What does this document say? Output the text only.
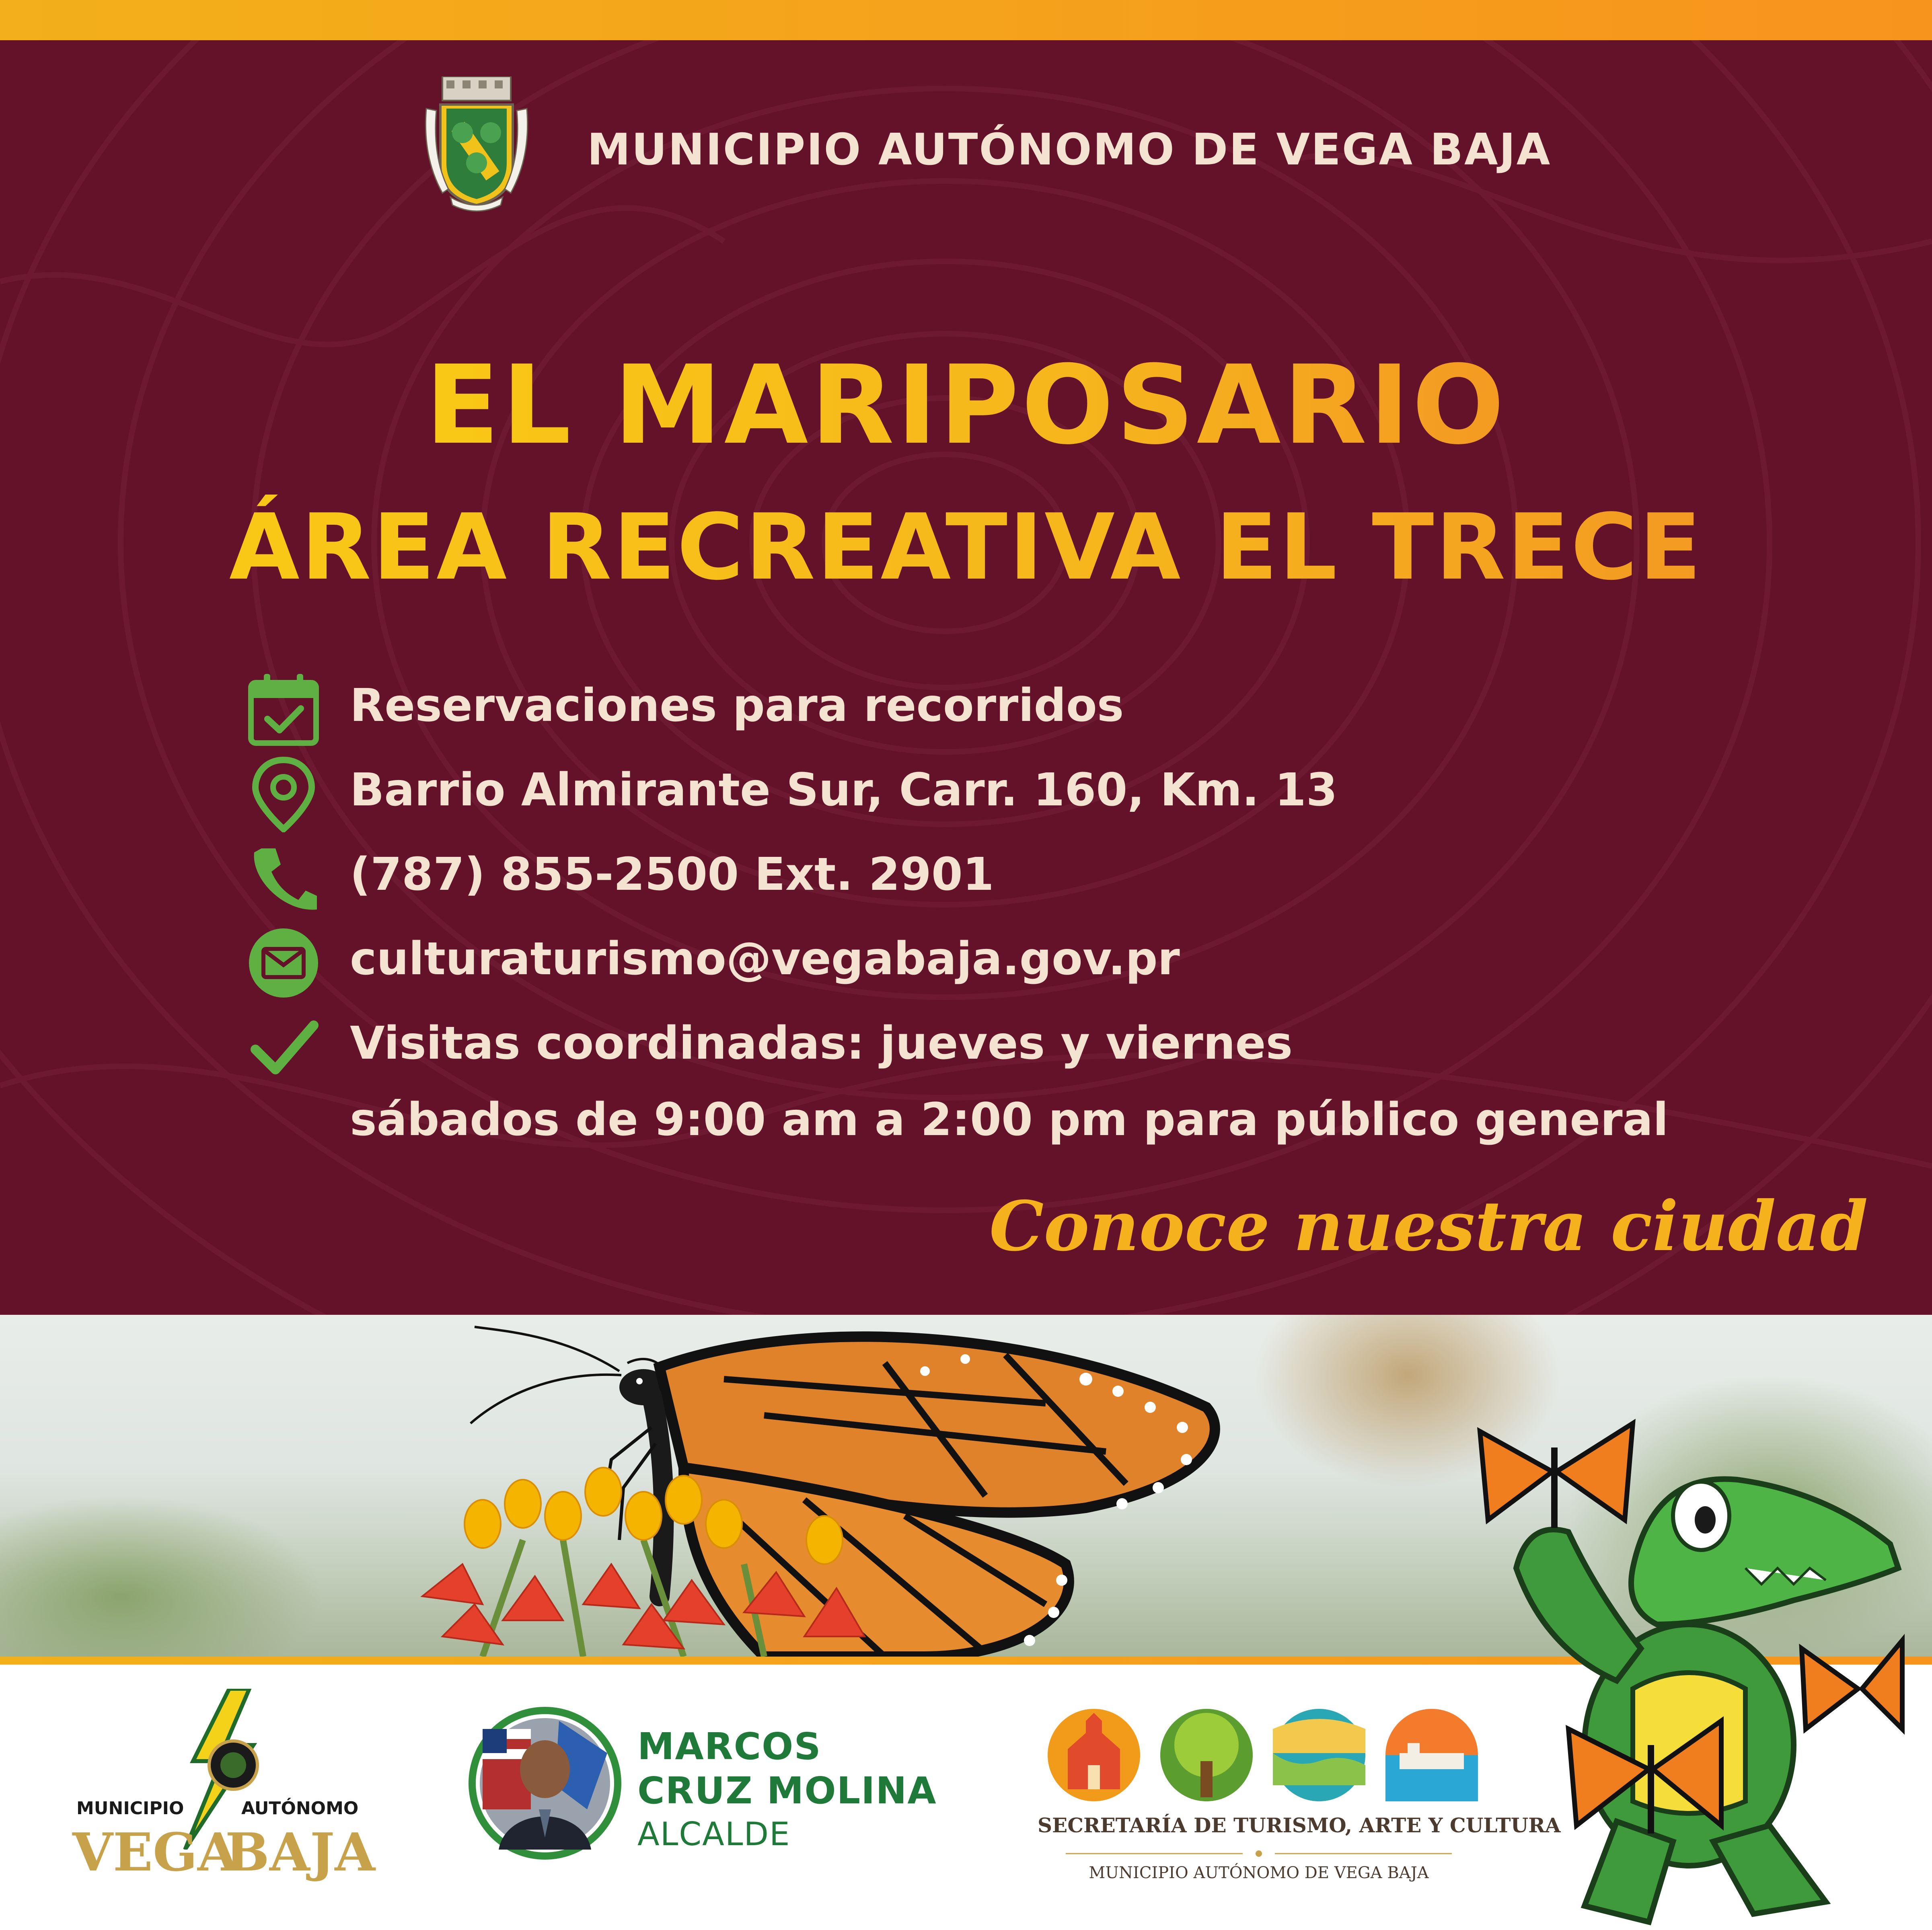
MUNICIPIO AUTÓNOMO DE VEGA BAJA
EL MARIPOSARIO
ÁREA RECREATIVA EL TRECE
Reservaciones para recorridos
Barrio Almirante Sur, Carr. 160, Km. 13
(787) 855-2500 Ext. 2901
culturaturismo@vegabaja.gov.pr
Visitas coordinadas: jueves y viernes
sábados de 9:00 am a 2:00 pm para público general
Conoce nuestra ciudad
MUNICIPIO	AUTÓNOMO
VEGA
BAJA
MARCOS
CRUZ MOLINA
ALCALDE	SECRETARÍA DE TURISMO, ARTE Y CULTURA
MUNICIPIO AUTÓNOMO DE VEGA BAJA
